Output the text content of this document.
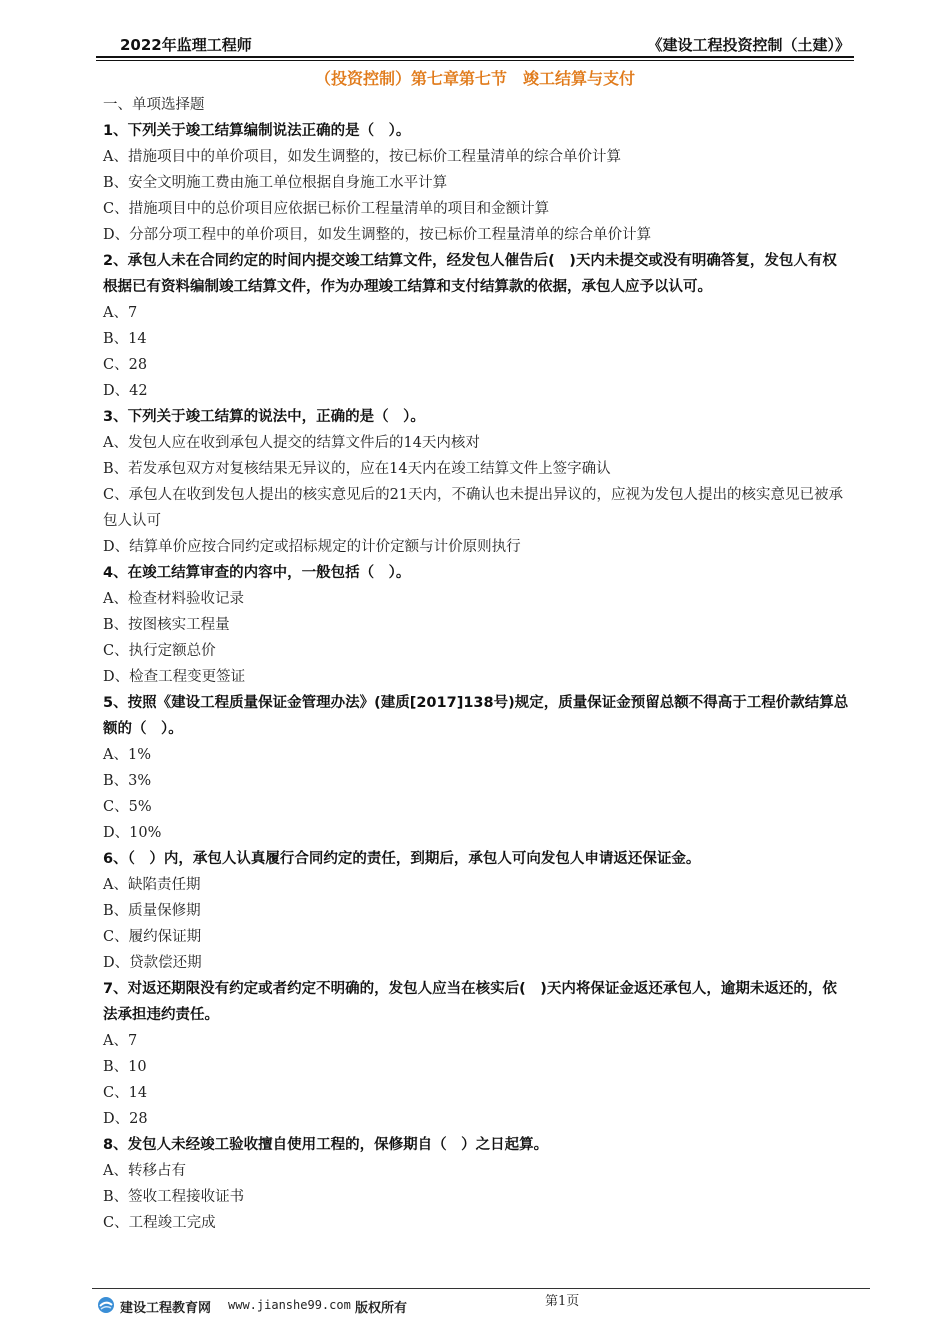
2022年监理工程师	《建设工程投资控制（土建）》
（投资控制）第七章第七节　竣工结算与支付
一、单项选择题
1、下列关于竣工结算编制说法正确的是（　）。
A、措施项目中的单价项目，如发生调整的，按已标价工程量清单的综合单价计算
B、安全文明施工费由施工单位根据自身施工水平计算
C、措施项目中的总价项目应依据已标价工程量清单的项目和金额计算
D、分部分项工程中的单价项目，如发生调整的，按已标价工程量清单的综合单价计算
2、承包人未在合同约定的时间内提交竣工结算文件，经发包人催告后(　)天内未提交或没有明确答复，发包人有权根据已有资料编制竣工结算文件，作为办理竣工结算和支付结算款的依据，承包人应予以认可。
A、7
B、14
C、28
D、42
3、下列关于竣工结算的说法中，正确的是（　）。
A、发包人应在收到承包人提交的结算文件后的14天内核对
B、若发承包双方对复核结果无异议的，应在14天内在竣工结算文件上签字确认
C、承包人在收到发包人提出的核实意见后的21天内，不确认也未提出异议的，应视为发包人提出的核实意见已被承包人认可
D、结算单价应按合同约定或招标规定的计价定额与计价原则执行
4、在竣工结算审查的内容中，一般包括（　）。
A、检查材料验收记录
B、按图核实工程量
C、执行定额总价
D、检查工程变更签证
5、按照《建设工程质量保证金管理办法》(建质[2017]138号)规定，质量保证金预留总额不得高于工程价款结算总额的（　）。
A、1%
B、3%
C、5%
D、10%
6、（　）内，承包人认真履行合同约定的责任，到期后，承包人可向发包人申请返还保证金。
A、缺陷责任期
B、质量保修期
C、履约保证期
D、贷款偿还期
7、对返还期限没有约定或者约定不明确的，发包人应当在核实后(　)天内将保证金返还承包人，逾期未返还的，依法承担违约责任。
A、7
B、10
C、14
D、28
8、发包人未经竣工验收擅自使用工程的，保修期自（　）之日起算。
A、转移占有
B、签收工程接收证书
C、工程竣工完成
建设工程教育网 www.jianshe99.com 版权所有	第1页
